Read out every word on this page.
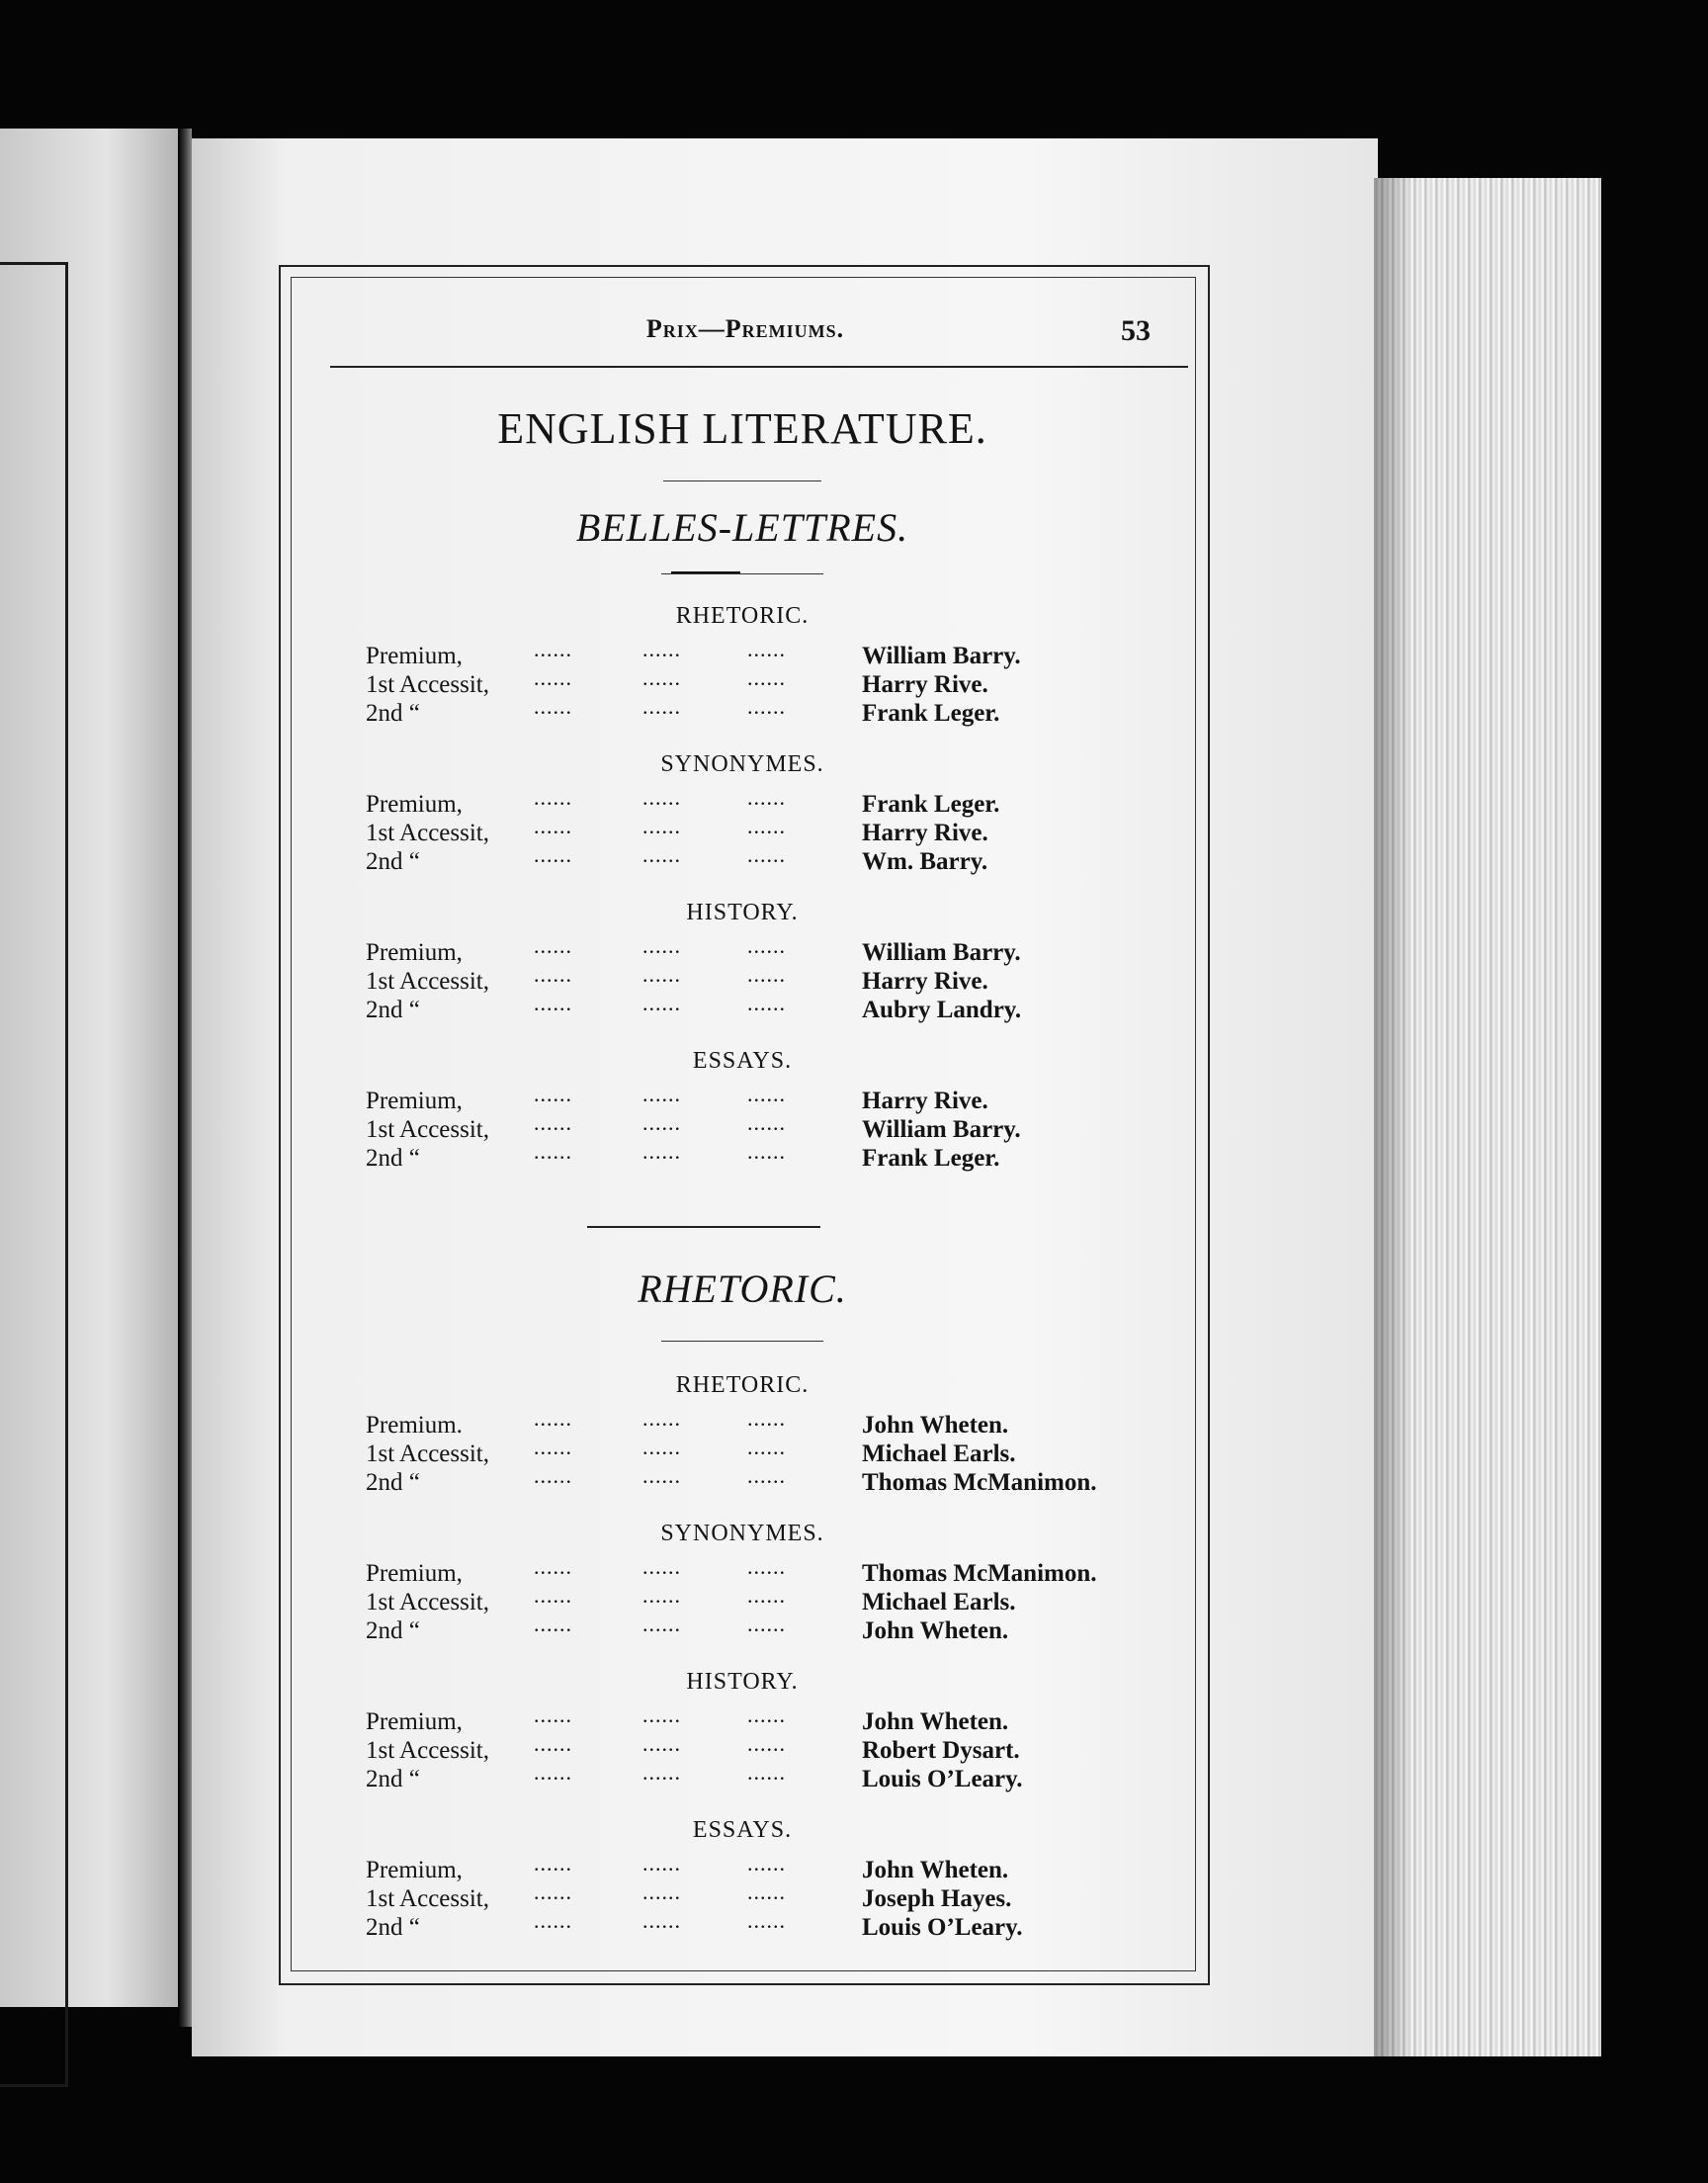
Prix—Premiums.	53
ENGLISH LITERATURE.
BELLES-LETTRES.
RHETORIC.
RHETORIC.
Premium,	......	......	......	William Barry.
1st Accessit, ......	......	......	Harry Rive.
2nd “	......	......	......	Frank Leger.
SYNONYMES.
Premium,	......	......	......	Frank Leger.
1st Accessit, ......	......	......	Harry Rive.
2nd “	......	......	......	Wm. Barry.
HISTORY.
Premium,	......	......	......	William Barry.
1st Accessit, ......	......	......	Harry Rive.
2nd “	......	......	......	Aubry Landry.
ESSAYS.
Premium,	......	......	......	Harry Rive.
1st Accessit, ......	......	......	William Barry.
2nd “	......	......	......	Frank Leger.
RHETORIC.
Premium.	......	......	......	John Wheten.
1st Accessit, ......	......	......	Michael Earls.
2nd “	......	......	......	Thomas McManimon.
SYNONYMES.
Premium,	......	......	......	Thomas McManimon.
1st Accessit, ......	......	......	Michael Earls.
2nd “	......	......	......	John Wheten.
HISTORY.
Premium,	......	......	......	John Wheten.
1st Accessit, ......	......	......	Robert Dysart.
2nd “	......	......	......	Louis O’Leary.
ESSAYS.
Premium,	......	......	......	John Wheten.
1st Accessit, ......	......	......	Joseph Hayes.
2nd “	......	......	......	Louis O’Leary.
